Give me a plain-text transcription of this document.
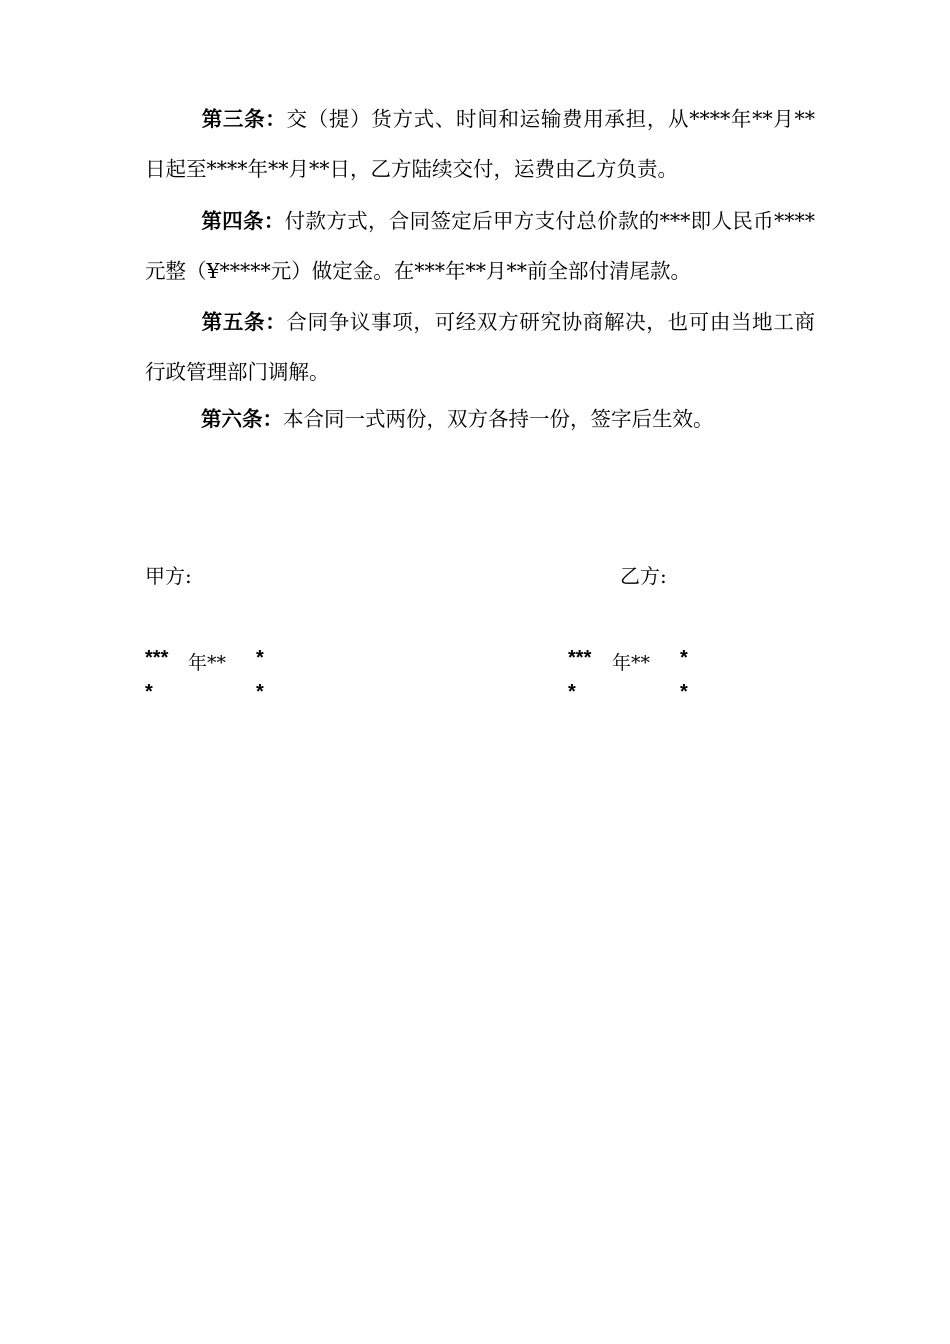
第三条：交（提）货方式、时间和运输费用承担，从****年**月**日起至****年**月**日，乙方陆续交付，运费由乙方负责。

第四条：付款方式，合同签定后甲方支付总价款的***即人民币****元整（¥*****元）做定金。在***年**月**前全部付清尾款。

第五条：合同争议事项，可经双方研究协商解决，也可由当地工商行政管理部门调解。

第六条：本合同一式两份，双方各持一份，签字后生效。

甲方:	乙方:
*** 年** *
*	*
*** 年** *
*	*
